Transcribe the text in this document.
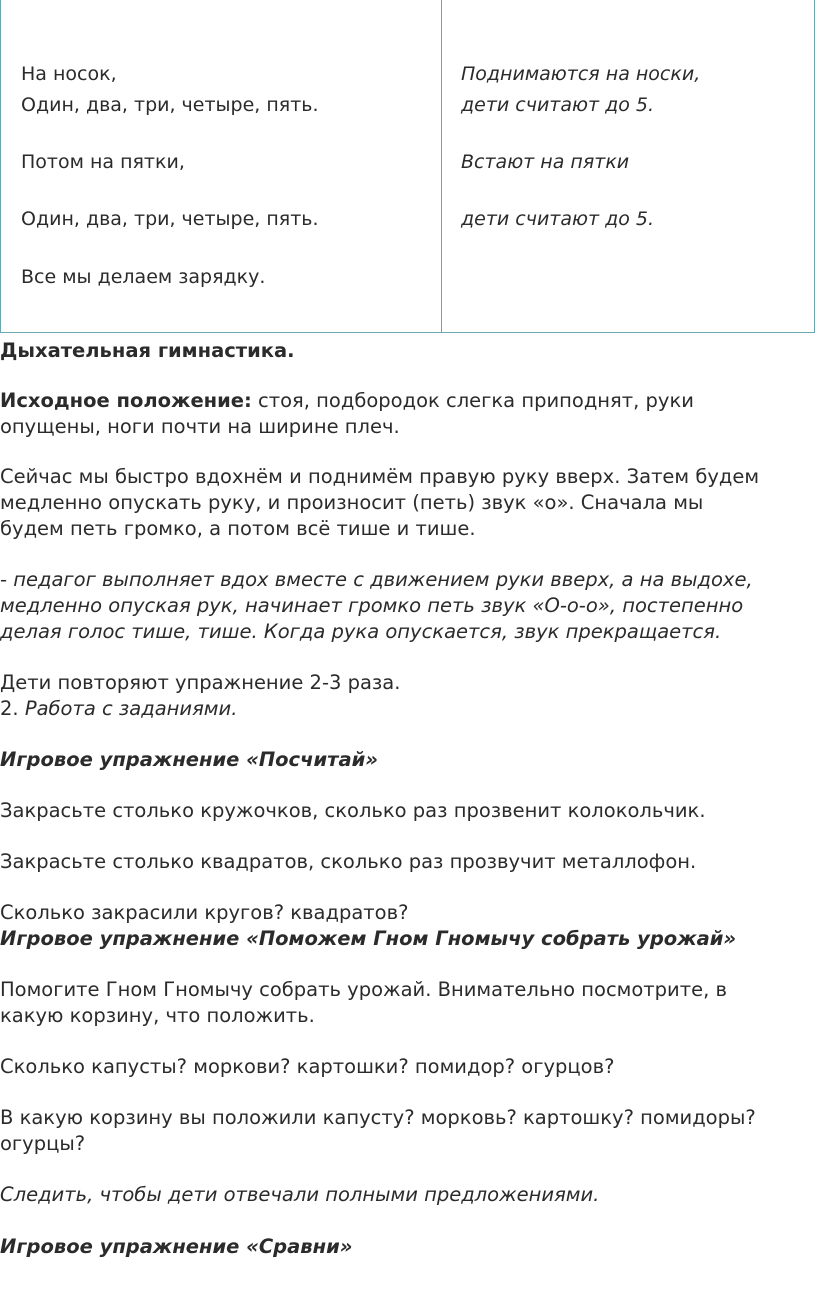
На носок,
Один, два, три, четыре, пять.
Потом на пятки,
Один, два, три, четыре, пять.
Все мы делаем зарядку.
Поднимаются на носки,
дети считают до 5.
Встают на пятки
дети считают до 5.
Дыхательная гимнастика.
Исходное положение: стоя, подбородок слегка приподнят, руки
опущены, ноги почти на ширине плеч.
Сейчас мы быстро вдохнём и поднимём правую руку вверх. Затем будем
медленно опускать руку, и произносит (петь) звук «о». Сначала мы
будем петь громко, а потом всё тише и тише.
- педагог выполняет вдох вместе с движением руки вверх, а на выдохе,
медленно опуская рук, начинает громко петь звук «О-о-о», постепенно
делая голос тише, тише. Когда рука опускается, звук прекращается.
Дети повторяют упражнение 2-3 раза.
2. Работа с заданиями.
Игровое упражнение «Посчитай»
Закрасьте столько кружочков, сколько раз прозвенит колокольчик.
Закрасьте столько квадратов, сколько раз прозвучит металлофон.
Сколько закрасили кругов? квадратов?
Игровое упражнение «Поможем Гном Гномычу собрать урожай»
Помогите Гном Гномычу собрать урожай. Внимательно посмотрите, в
какую корзину, что положить.
Сколько капусты? моркови? картошки? помидор? огурцов?
В какую корзину вы положили капусту? морковь? картошку? помидоры?
огурцы?
Следить, чтобы дети отвечали полными предложениями.
Игровое упражнение «Сравни»
